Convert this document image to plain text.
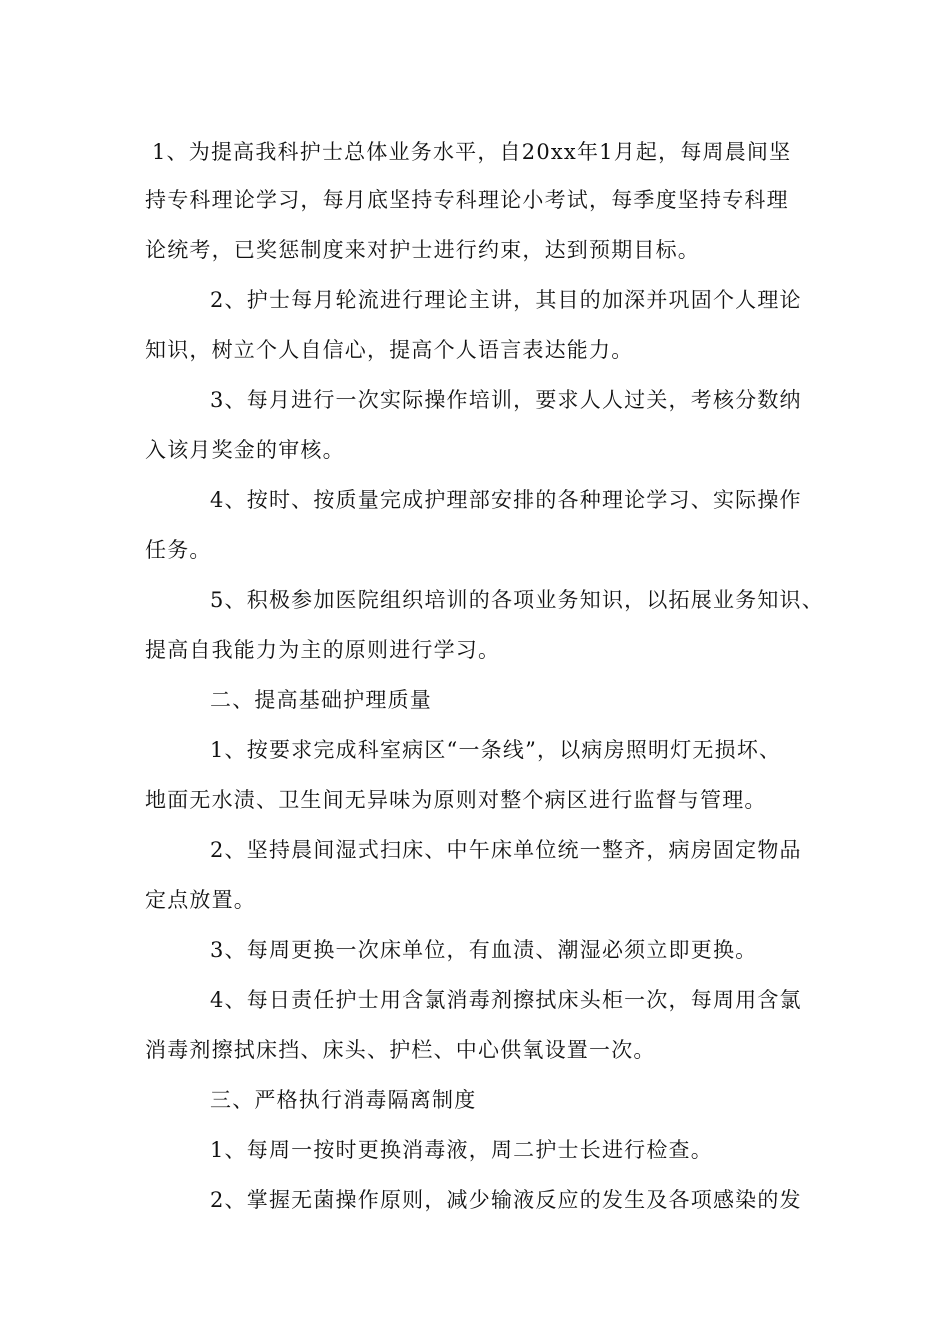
1、为提高我科护士总体业务水平，自20xx年1月起，每周晨间坚
持专科理论学习，每月底坚持专科理论小考试，每季度坚持专科理
论统考，已奖惩制度来对护士进行约束，达到预期目标。
2、护士每月轮流进行理论主讲，其目的加深并巩固个人理论
知识，树立个人自信心，提高个人语言表达能力。
3、每月进行一次实际操作培训，要求人人过关，考核分数纳
入该月奖金的审核。
4、按时、按质量完成护理部安排的各种理论学习、实际操作
任务。
5、积极参加医院组织培训的各项业务知识，以拓展业务知识、
提高自我能力为主的原则进行学习。
二、提高基础护理质量
1、按要求完成科室病区“一条线”，以病房照明灯无损坏、
地面无水渍、卫生间无异味为原则对整个病区进行监督与管理。
2、坚持晨间湿式扫床、中午床单位统一整齐，病房固定物品
定点放置。
3、每周更换一次床单位，有血渍、潮湿必须立即更换。
4、每日责任护士用含氯消毒剂擦拭床头柜一次，每周用含氯
消毒剂擦拭床挡、床头、护栏、中心供氧设置一次。
三、严格执行消毒隔离制度
1、每周一按时更换消毒液，周二护士长进行检查。
2、掌握无菌操作原则，减少输液反应的发生及各项感染的发
